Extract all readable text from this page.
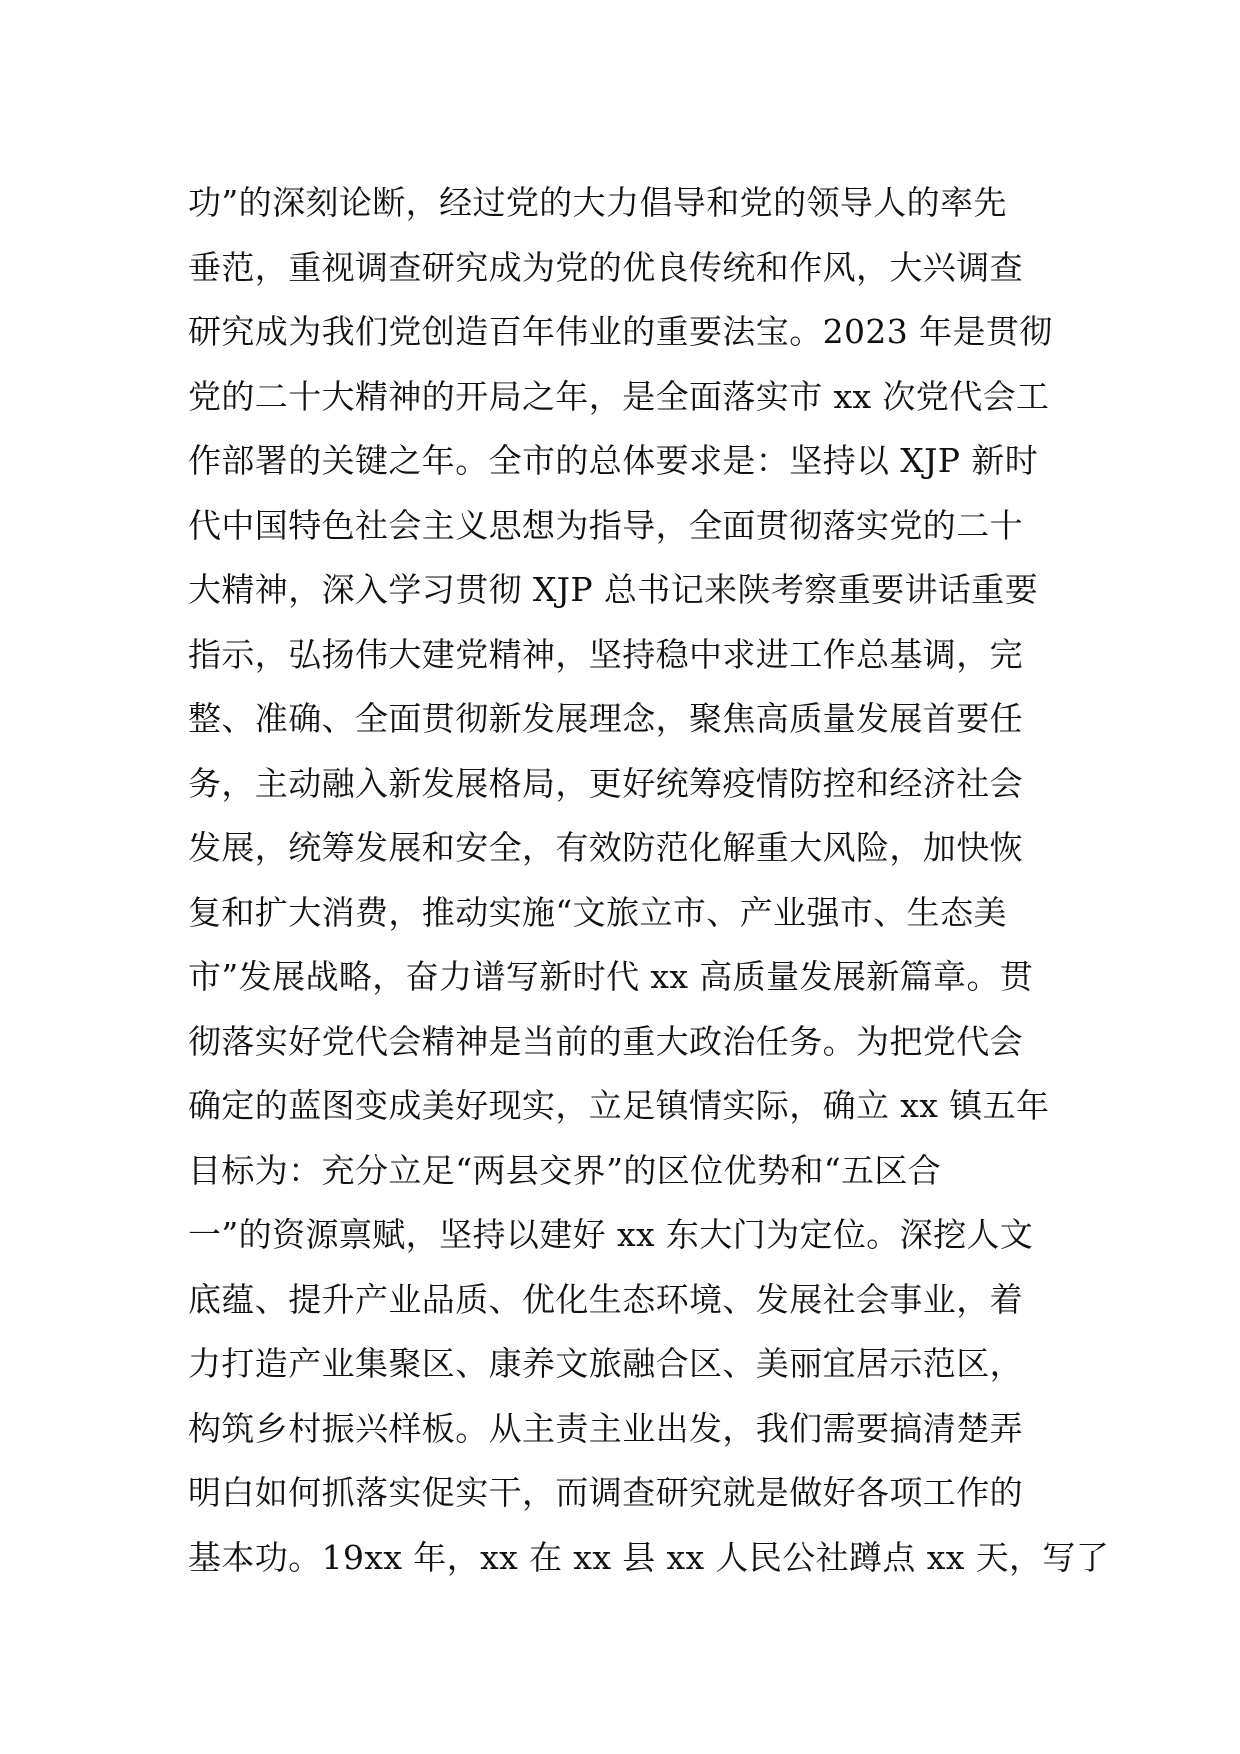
功”的深刻论断，经过党的大力倡导和党的领导人的率先
垂范，重视调查研究成为党的优良传统和作风，大兴调查
研究成为我们党创造百年伟业的重要法宝。2023 年是贯彻
党的二十大精神的开局之年，是全面落实市 xx 次党代会工
作部署的关键之年。全市的总体要求是：坚持以 XJP 新时
代中国特色社会主义思想为指导，全面贯彻落实党的二十
大精神，深入学习贯彻 XJP 总书记来陕考察重要讲话重要
指示，弘扬伟大建党精神，坚持稳中求进工作总基调，完
整、准确、全面贯彻新发展理念，聚焦高质量发展首要任
务，主动融入新发展格局，更好统筹疫情防控和经济社会
发展，统筹发展和安全，有效防范化解重大风险，加快恢
复和扩大消费，推动实施“文旅立市、产业强市、生态美
市”发展战略，奋力谱写新时代 xx 高质量发展新篇章。贯
彻落实好党代会精神是当前的重大政治任务。为把党代会
确定的蓝图变成美好现实，立足镇情实际，确立 xx 镇五年
目标为：充分立足“两县交界”的区位优势和“五区合
一”的资源禀赋，坚持以建好 xx 东大门为定位。深挖人文
底蕴、提升产业品质、优化生态环境、发展社会事业，着
力打造产业集聚区、康养文旅融合区、美丽宜居示范区，
构筑乡村振兴样板。从主责主业出发，我们需要搞清楚弄
明白如何抓落实促实干，而调查研究就是做好各项工作的
基本功。19xx 年，xx 在 xx 县 xx 人民公社蹲点 xx 天，写了
